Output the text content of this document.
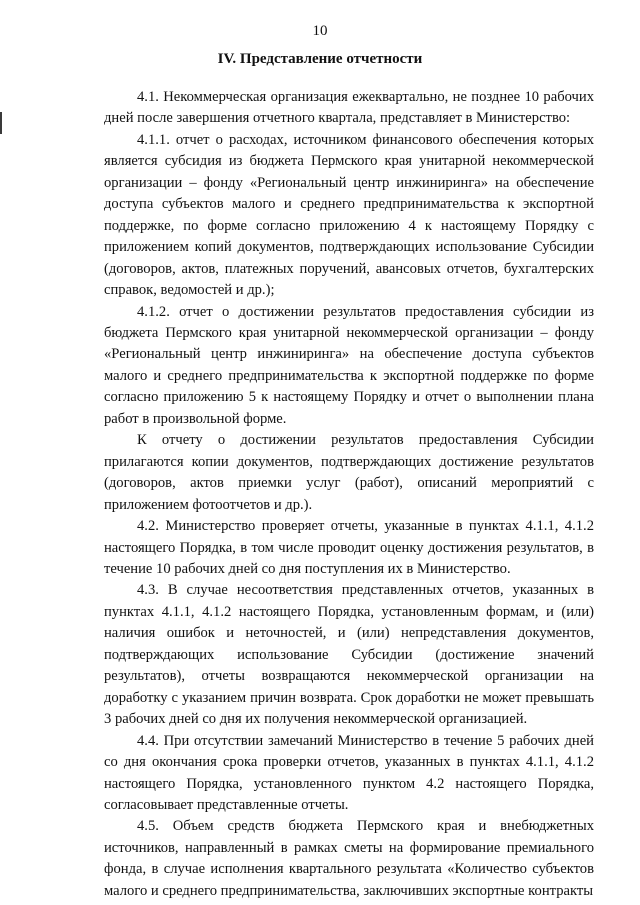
10
IV. Представление отчетности

4.1. Некоммерческая организация ежеквартально, не позднее 10 рабочих дней после завершения отчетного квартала, представляет в Министерство:

4.1.1. отчет о расходах, источником финансового обеспечения которых является субсидия из бюджета Пермского края унитарной некоммерческой организации – фонду «Региональный центр инжиниринга» на обеспечение доступа субъектов малого и среднего предпринимательства к экспортной поддержке, по форме согласно приложению 4 к настоящему Порядку с приложением копий документов, подтверждающих использование Субсидии (договоров, актов, платежных поручений, авансовых отчетов, бухгалтерских справок, ведомостей и др.);

4.1.2. отчет о достижении результатов предоставления субсидии из бюджета Пермского края унитарной некоммерческой организации – фонду «Региональный центр инжиниринга» на обеспечение доступа субъектов малого и среднего предпринимательства к экспортной поддержке по форме согласно приложению 5 к настоящему Порядку и отчет о выполнении плана работ в произвольной форме.

К отчету о достижении результатов предоставления Субсидии прилагаются копии документов, подтверждающих достижение результатов (договоров, актов приемки услуг (работ), описаний мероприятий с приложением фотоотчетов и др.).

4.2. Министерство проверяет отчеты, указанные в пунктах 4.1.1, 4.1.2 настоящего Порядка, в том числе проводит оценку достижения результатов, в течение 10 рабочих дней со дня поступления их в Министерство.

4.3. В случае несоответствия представленных отчетов, указанных в пунктах 4.1.1, 4.1.2 настоящего Порядка, установленным формам, и (или) наличия ошибок и неточностей, и (или) непредставления документов, подтверждающих использование Субсидии (достижение значений результатов), отчеты возвращаются некоммерческой организации на доработку с указанием причин возврата. Срок доработки не может превышать 3 рабочих дней со дня их получения некоммерческой организацией.

4.4. При отсутствии замечаний Министерство в течение 5 рабочих дней со дня окончания срока проверки отчетов, указанных в пунктах 4.1.1, 4.1.2 настоящего Порядка, установленного пунктом 4.2 настоящего Порядка, согласовывает представленные отчеты.

4.5. Объем средств бюджета Пермского края и внебюджетных источников, направленный в рамках сметы на формирование премиального фонда, в случае исполнения квартального результата «Количество субъектов малого и среднего предпринимательства, заключивших экспортные контракты
